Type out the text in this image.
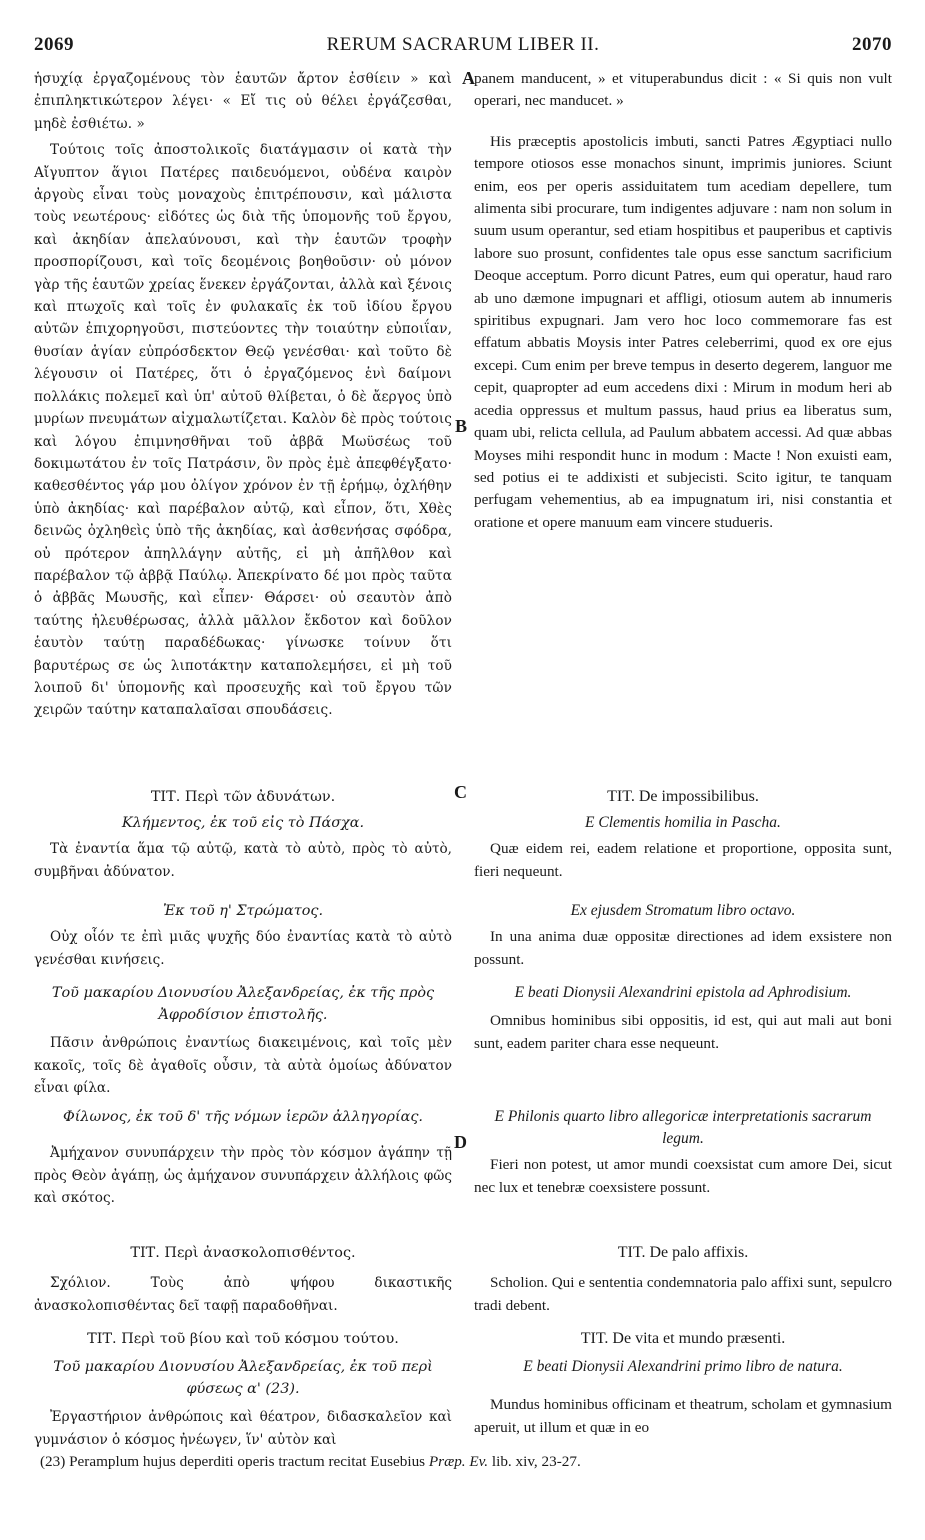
2069	RERUM SACRARUM LIBER II.	2070
A
B
C
D

ἡσυχίᾳ ἐργαζομένους τὸν ἑαυτῶν ἄρτον ἐσθίειν » καὶ ἐπιπληκτικώτερον λέγει· « Εἴ τις οὐ θέλει ἐργάζεσθαι, μηδὲ ἐσθιέτω. »

Τούτοις τοῖς ἀποστολικοῖς διατάγμασιν οἱ κατὰ τὴν Αἴγυπτον ἅγιοι Πατέρες παιδευόμενοι, οὐδένα καιρὸν ἀργοὺς εἶναι τοὺς μοναχοὺς ἐπιτρέπουσιν, καὶ μάλιστα τοὺς νεωτέρους· εἰδότες ὡς διὰ τῆς ὑπομονῆς τοῦ ἔργου, καὶ ἀκηδίαν ἀπελαύνουσι, καὶ τὴν ἑαυτῶν τροφὴν προσπορίζουσι, καὶ τοῖς δεομένοις βοηθοῦσιν· οὐ μόνον γὰρ τῆς ἑαυτῶν χρείας ἕνεκεν ἐργάζονται, ἀλλὰ καὶ ξένοις καὶ πτωχοῖς καὶ τοῖς ἐν φυλακαῖς ἐκ τοῦ ἰδίου ἔργου αὐτῶν ἐπιχορηγοῦσι, πιστεύοντες τὴν τοιαύτην εὐποιΐαν, θυσίαν ἁγίαν εὐπρόσδεκτον Θεῷ γενέσθαι· καὶ τοῦτο δὲ λέγουσιν οἱ Πατέρες, ὅτι ὁ ἐργαζόμενος ἑνὶ δαίμονι πολλάκις πολεμεῖ καὶ ὑπ' αὐτοῦ θλίβεται, ὁ δὲ ἄεργος ὑπὸ μυρίων πνευμάτων αἰχμαλωτίζεται. Καλὸν δὲ πρὸς τούτοις καὶ λόγου ἐπιμνησθῆναι τοῦ ἀββᾶ Μωϋσέως τοῦ δοκιμωτάτου ἐν τοῖς Πατράσιν, ὃν πρὸς ἐμὲ ἀπεφθέγξατο· καθεσθέντος γάρ μου ὀλίγον χρόνον ἐν τῇ ἐρήμῳ, ὀχλήθην ὑπὸ ἀκηδίας· καὶ παρέβαλον αὐτῷ, καὶ εἶπον, ὅτι, Χθὲς δεινῶς ὀχληθεὶς ὑπὸ τῆς ἀκηδίας, καὶ ἀσθενήσας σφόδρα, οὐ πρότερον ἀπηλλάγην αὐτῆς, εἰ μὴ ἀπῆλθον καὶ παρέβαλον τῷ ἀββᾷ Παύλῳ. Ἀπεκρίνατο δέ μοι πρὸς ταῦτα ὁ ἀββᾶς Μωυσῆς, καὶ εἶπεν· Θάρσει· οὐ σεαυτὸν ἀπὸ ταύτης ἠλευθέρωσας, ἀλλὰ μᾶλλον ἔκδοτον καὶ δοῦλον ἑαυτὸν ταύτῃ παραδέδωκας· γίνωσκε τοίνυν ὅτι βαρυτέρως σε ὡς λιποτάκτην καταπολεμήσει, εἰ μὴ τοῦ λοιποῦ δι' ὑπομονῆς καὶ προσευχῆς καὶ τοῦ ἔργου τῶν χειρῶν ταύτην καταπαλαῖσαι σπουδάσεις.

panem manducent, » et vituperabundus dicit : « Si quis non vult operari, nec manducet. »

His præceptis apostolicis imbuti, sancti Patres Ægyptiaci nullo tempore otiosos esse monachos sinunt, imprimis juniores. Sciunt enim, eos per operis assiduitatem tum acediam depellere, tum alimenta sibi procurare, tum indigentes adjuvare : nam non solum in suum usum operantur, sed etiam hospitibus et pauperibus et captivis labore suo prosunt, confidentes tale opus esse sanctum sacrificium Deoque acceptum. Porro dicunt Patres, eum qui operatur, haud raro ab uno dæmone impugnari et affligi, otiosum autem ab innumeris spiritibus expugnari. Jam vero hoc loco commemorare fas est effatum abbatis Moysis inter Patres celeberrimi, quod ex ore ejus excepi. Cum enim per breve tempus in deserto degerem, languor me cepit, quapropter ad eum accedens dixi : Mirum in modum heri ab acedia oppressus et multum passus, haud prius ea liberatus sum, quam ubi, relicta cellula, ad Paulum abbatem accessi. Ad quæ abbas Moyses mihi respondit hunc in modum : Macte ! Non exuisti eam, sed potius ei te addixisti et subjecisti. Scito igitur, te tanquam perfugam vehementius, ab ea impugnatum iri, nisi constantia et oratione et opere manuum eam vincere studueris.

ΤΙΤ. Περὶ τῶν ἀδυνάτων.

Κλήμεντος, ἐκ τοῦ εἰς τὸ Πάσχα.

Τὰ ἐναντία ἅμα τῷ αὐτῷ, κατὰ τὸ αὐτὸ, πρὸς τὸ αὐτὸ, συμβῆναι ἀδύνατον.

TIT. De impossibilibus.

E Clementis homilia in Pascha.

Quæ eidem rei, eadem relatione et proportione, opposita sunt, fieri nequeunt.

Ἐκ τοῦ η' Στρώματος.

Οὐχ οἷόν τε ἐπὶ μιᾶς ψυχῆς δύο ἐναντίας κατὰ τὸ αὐτὸ γενέσθαι κινήσεις.

Ex ejusdem Stromatum libro octavo.

In una anima duæ oppositæ directiones ad idem exsistere non possunt.

Τοῦ μακαρίου Διονυσίου Ἀλεξανδρείας, ἐκ τῆς πρὸς Ἀφροδίσιον ἐπιστολῆς.

Πᾶσιν ἀνθρώποις ἐναντίως διακειμένοις, καὶ τοῖς μὲν κακοῖς, τοῖς δὲ ἀγαθοῖς οὖσιν, τὰ αὐτὰ ὁμοίως ἀδύνατον εἶναι φίλα.

E beati Dionysii Alexandrini epistola ad Aphrodisium.

Omnibus hominibus sibi oppositis, id est, qui aut mali aut boni sunt, eadem pariter chara esse nequeunt.

Φίλωνος, ἐκ τοῦ δ' τῆς νόμων ἱερῶν ἀλληγορίας.

Ἀμήχανον συνυπάρχειν τὴν πρὸς τὸν κόσμον ἀγάπην τῇ πρὸς Θεὸν ἀγάπῃ, ὡς ἀμήχανον συνυπάρχειν ἀλλήλοις φῶς καὶ σκότος.

E Philonis quarto libro allegoricæ interpretationis sacrarum legum.

Fieri non potest, ut amor mundi coexsistat cum amore Dei, sicut nec lux et tenebræ coexsistere possunt.

ΤΙΤ. Περὶ ἀνασκολοπισθέντος.

Σχόλιον. Τοὺς ἀπὸ ψήφου δικαστικῆς ἀνασκολοπισθέντας δεῖ ταφῇ παραδοθῆναι.

TIT. De palo affixis.

Scholion. Qui e sententia condemnatoria palo affixi sunt, sepulcro tradi debent.

ΤΙΤ. Περὶ τοῦ βίου καὶ τοῦ κόσμου τούτου.

Τοῦ μακαρίου Διονυσίου Ἀλεξανδρείας, ἐκ τοῦ περὶ φύσεως α' (23).

Ἐργαστήριον ἀνθρώποις καὶ θέατρον, διδασκαλεῖον καὶ γυμνάσιον ὁ κόσμος ἠνέωγεν, ἵν' αὐτὸν καὶ

TIT. De vita et mundo præsenti.

E beati Dionysii Alexandrini primo libro de natura.

Mundus hominibus officinam et theatrum, scholam et gymnasium aperuit, ut illum et quæ in eo

(23) Peramplum hujus deperditi operis tractum recitat Eusebius Præp. Ev. lib. xiv, 23-27.
